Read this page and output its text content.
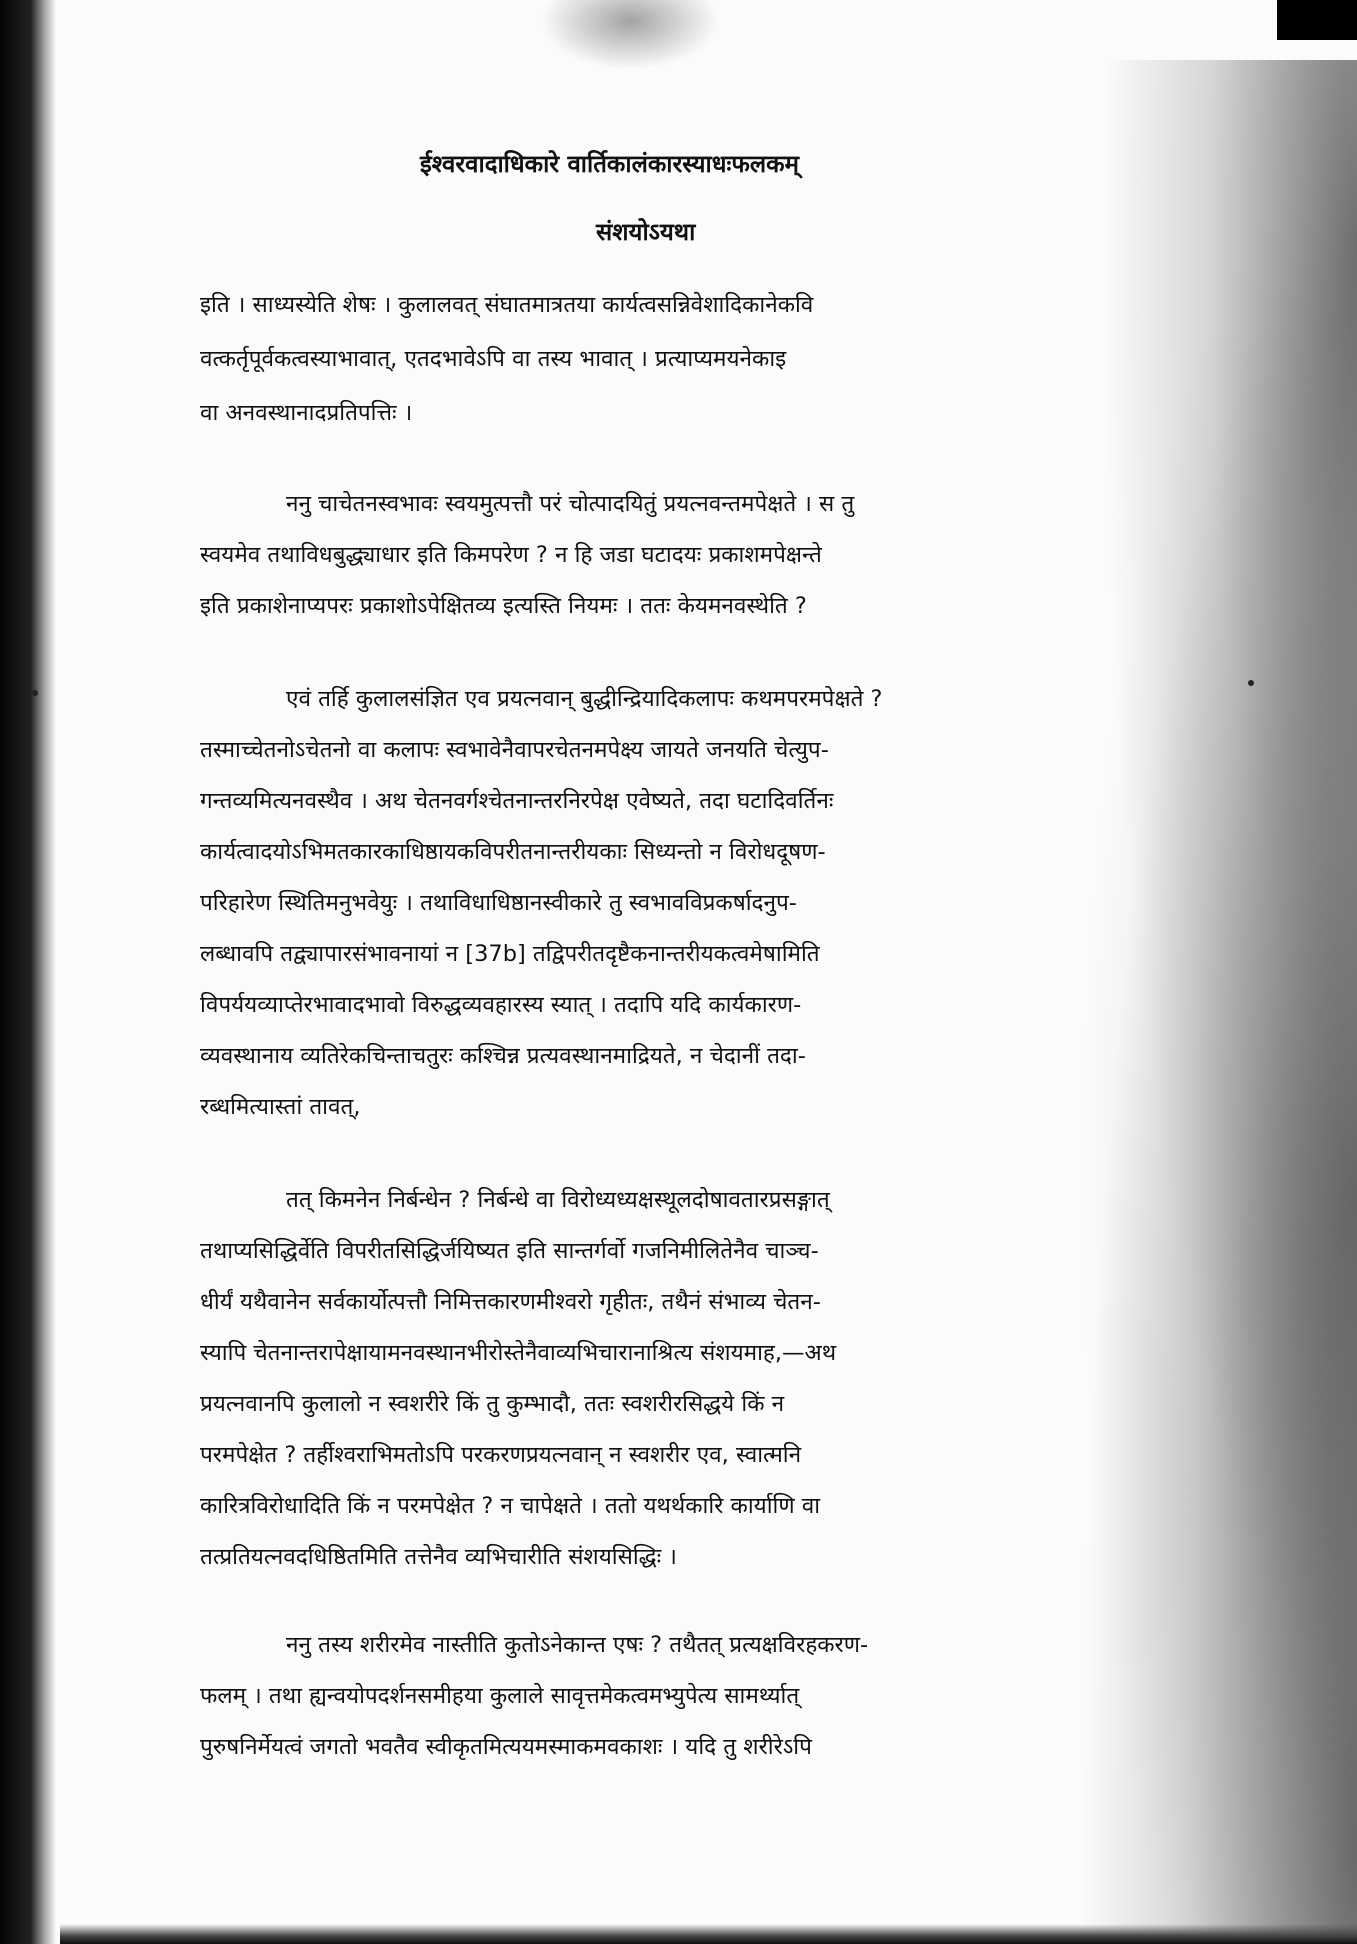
ईश्वरवादाधिकारे वार्तिकालंकारस्याधःफलकम्
संशयोऽयथा
इति । साध्यस्येति शेषः । कुलालवत् संघातमात्रतया कार्यत्वसन्निवेशादिकानेकवि
वत्कर्तृपूर्वकत्वस्याभावात्, एतदभावेऽपि वा तस्य भावात् । प्रत्याप्यमयनेकाइ
वा अनवस्थानादप्रतिपत्तिः ।
ननु चाचेतनस्वभावः स्वयमुत्पत्तौ परं चोत्पादयितुं प्रयत्नवन्तमपेक्षते । स तु
स्वयमेव तथाविधबुद्ध्याधार इति किमपरेण ? न हि जडा घटादयः प्रकाशमपेक्षन्ते
इति प्रकाशेनाप्यपरः प्रकाशोऽपेक्षितव्य इत्यस्ति नियमः । ततः केयमनवस्थेति ?
एवं तर्हि कुलालसंज्ञित एव प्रयत्नवान् बुद्धीन्द्रियादिकलापः कथमपरमपेक्षते ?
तस्माच्चेतनोऽचेतनो वा कलापः स्वभावेनैवापरचेतनमपेक्ष्य जायते जनयति चेत्युप-
गन्तव्यमित्यनवस्थैव । अथ चेतनवर्गश्चेतनान्तरनिरपेक्ष एवेष्यते, तदा घटादिवर्तिनः
कार्यत्वादयोऽभिमतकारकाधिष्ठायकविपरीतनान्तरीयकाः सिध्यन्तो न विरोधदूषण-
परिहारेण स्थितिमनुभवेयुः । तथाविधाधिष्ठानस्वीकारे तु स्वभावविप्रकर्षादनुप-
लब्धावपि तद्व्यापारसंभावनायां न [37b] तद्विपरीतदृष्टैकनान्तरीयकत्वमेषामिति
विपर्ययव्याप्तेरभावादभावो विरुद्धव्यवहारस्य स्यात् । तदापि यदि कार्यकारण-
व्यवस्थानाय व्यतिरेकचिन्ताचतुरः कश्चिन्न प्रत्यवस्थानमाद्रियते, न चेदानीं तदा-
रब्धमित्यास्तां तावत्,
तत् किमनेन निर्बन्धेन ? निर्बन्धे वा विरोध्यध्यक्षस्थूलदोषावतारप्रसङ्गात्
तथाप्यसिद्धिर्वेति विपरीतसिद्धिर्जयिष्यत इति सान्तर्गर्वो गजनिमीलितेनैव चाञ्च-
धीर्यं यथैवानेन सर्वकार्योत्पत्तौ निमित्तकारणमीश्वरो गृहीतः, तथैनं संभाव्य चेतन-
स्यापि चेतनान्तरापेक्षायामनवस्थानभीरोस्तेनैवाव्यभिचारानाश्रित्य संशयमाह,—अथ
प्रयत्नवानपि कुलालो न स्वशरीरे किं तु कुम्भादौ, ततः स्वशरीरसिद्धये किं न
परमपेक्षेत ? तर्हीश्वराभिमतोऽपि परकरणप्रयत्नवान् न स्वशरीर एव, स्वात्मनि
कारित्रविरोधादिति किं न परमपेक्षेत ? न चापेक्षते । ततो यथर्थकारि कार्याणि वा
तत्प्रतियत्नवदधिष्ठितमिति तत्तेनैव व्यभिचारीति संशयसिद्धिः ।
ननु तस्य शरीरमेव नास्तीति कुतोऽनेकान्त एषः ? तथैतत् प्रत्यक्षविरहकरण-
फलम् । तथा ह्यन्वयोपदर्शनसमीहया कुलाले सावृत्तमेकत्वमभ्युपेत्य सामर्थ्यात्
पुरुषनिर्मेयत्वं जगतो भवतैव स्वीकृतमित्ययमस्माकमवकाशः । यदि तु शरीरेऽपि
